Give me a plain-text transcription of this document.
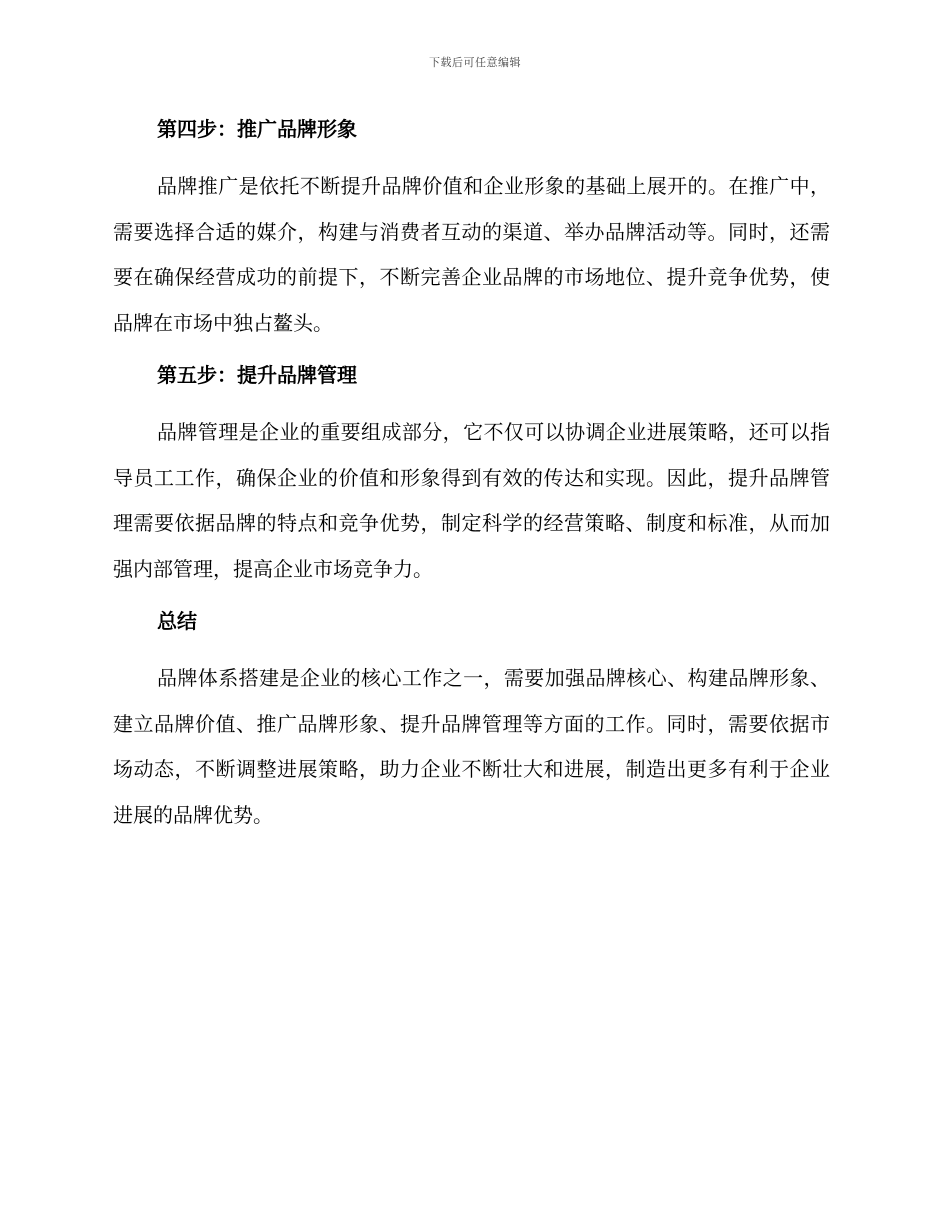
下载后可任意编辑
第四步：推广品牌形象

品牌推广是依托不断提升品牌价值和企业形象的基础上展开的。在推广中，需要选择合适的媒介，构建与消费者互动的渠道、举办品牌活动等。同时，还需要在确保经营成功的前提下，不断完善企业品牌的市场地位、提升竞争优势，使品牌在市场中独占鳌头。

第五步：提升品牌管理

品牌管理是企业的重要组成部分，它不仅可以协调企业进展策略，还可以指导员工工作，确保企业的价值和形象得到有效的传达和实现。因此，提升品牌管理需要依据品牌的特点和竞争优势，制定科学的经营策略、制度和标准，从而加强内部管理，提高企业市场竞争力。

总结

品牌体系搭建是企业的核心工作之一，需要加强品牌核心、构建品牌形象、建立品牌价值、推广品牌形象、提升品牌管理等方面的工作。同时，需要依据市场动态，不断调整进展策略，助力企业不断壮大和进展，制造出更多有利于企业进展的品牌优势。
